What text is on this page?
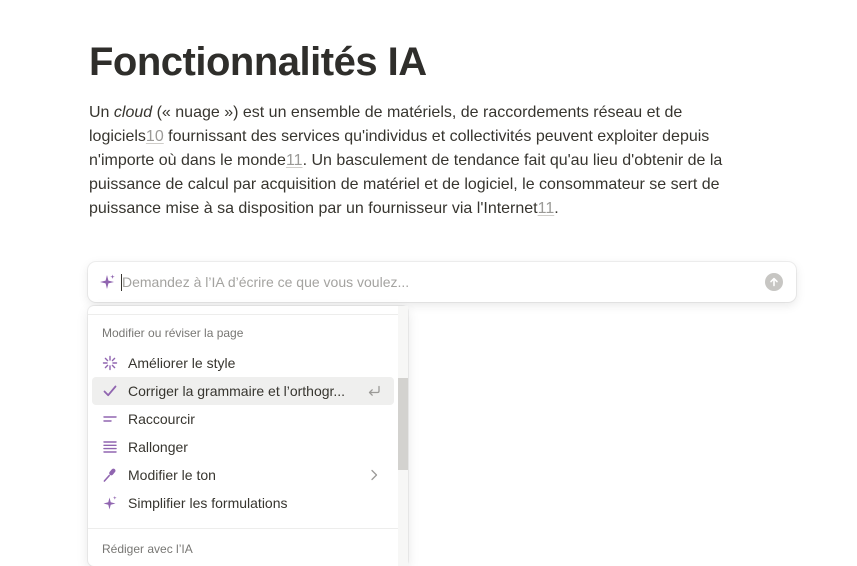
Fonctionnalités IA

Un cloud (« nuage ») est un ensemble de matériels, de raccordements réseau et de logiciels10 fournissant des services qu'individus et collectivités peuvent exploiter depuis n'importe où dans le monde11. Un basculement de tendance fait qu'au lieu d'obtenir de la puissance de calcul par acquisition de matériel et de logiciel, le consommateur se sert de puissance mise à sa disposition par un fournisseur via l'Internet11.

Demandez à l’IA d’écrire ce que vous voulez...
Modifier ou réviser la page
Améliorer le style
Corriger la grammaire et l’orthogr...
Raccourcir
Rallonger
Modifier le ton
Simplifier les formulations
Rédiger avec l’IA
